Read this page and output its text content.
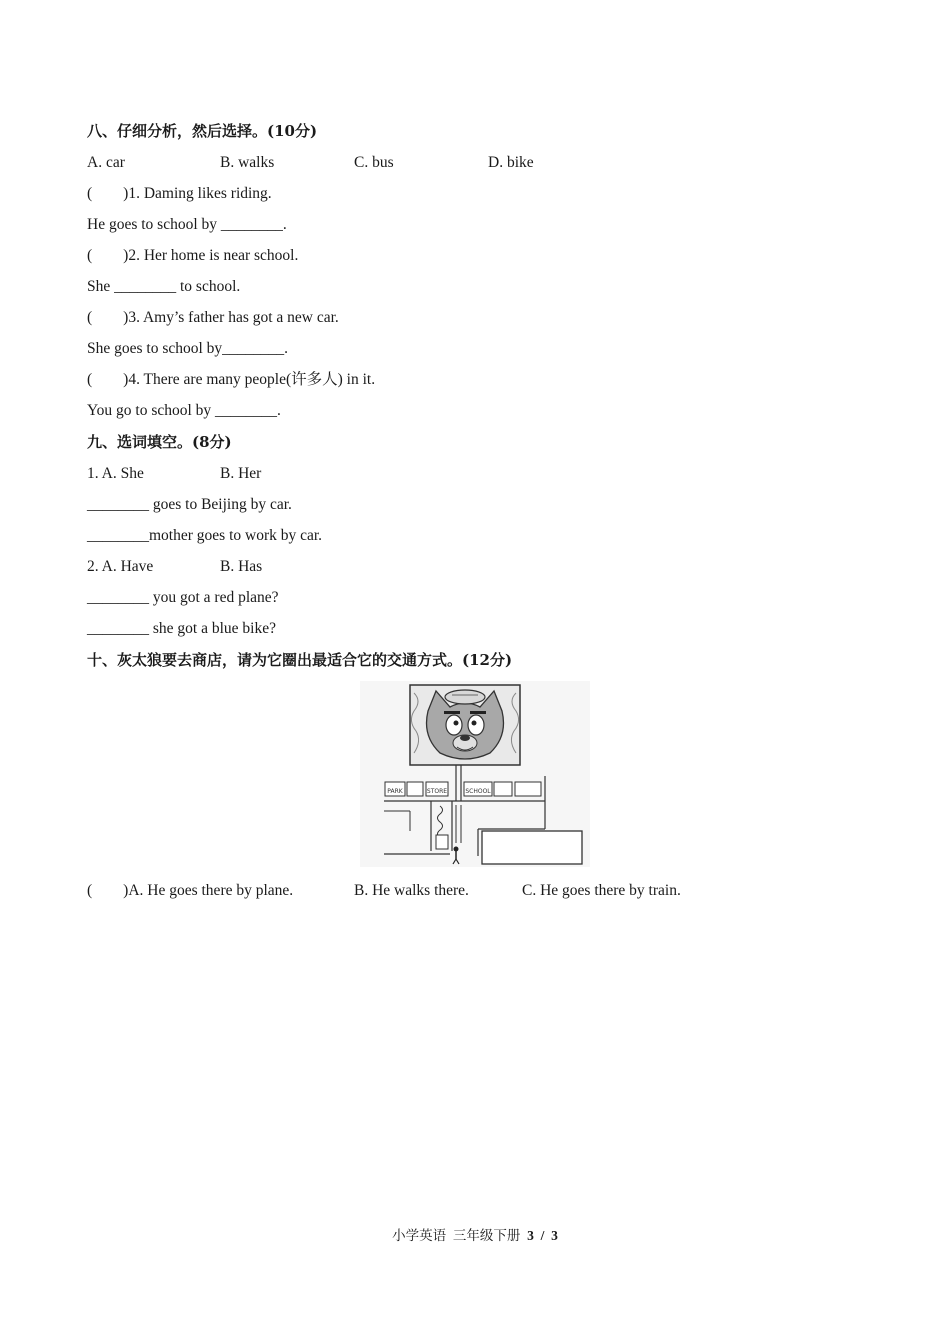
八、仔细分析，然后选择。(10分)
A. car	B. walks	C. bus	D. bike
(        )1. Daming likes riding.
He goes to school by ________.
(        )2. Her home is near school.
She ________ to school.
(        )3. Amy’s father has got a new car.
She goes to school by________.
(        )4. There are many people(许多人) in it.
You go to school by ________.
九、选词填空。(8分)
1. A. She	B. Her
________ goes to Beijing by car.
________mother goes to work by car.
2. A. Have	B. Has
________ you got a red plane?
________ she got a blue bike?
十、灰太狼要去商店，请为它圈出最适合它的交通方式。(12分)
PARK	STORE	SCHOOL
(        )A. He goes there by plane.	B. He walks there.	C. He goes there by train.
小学英语  三年级下册  3  /  3
